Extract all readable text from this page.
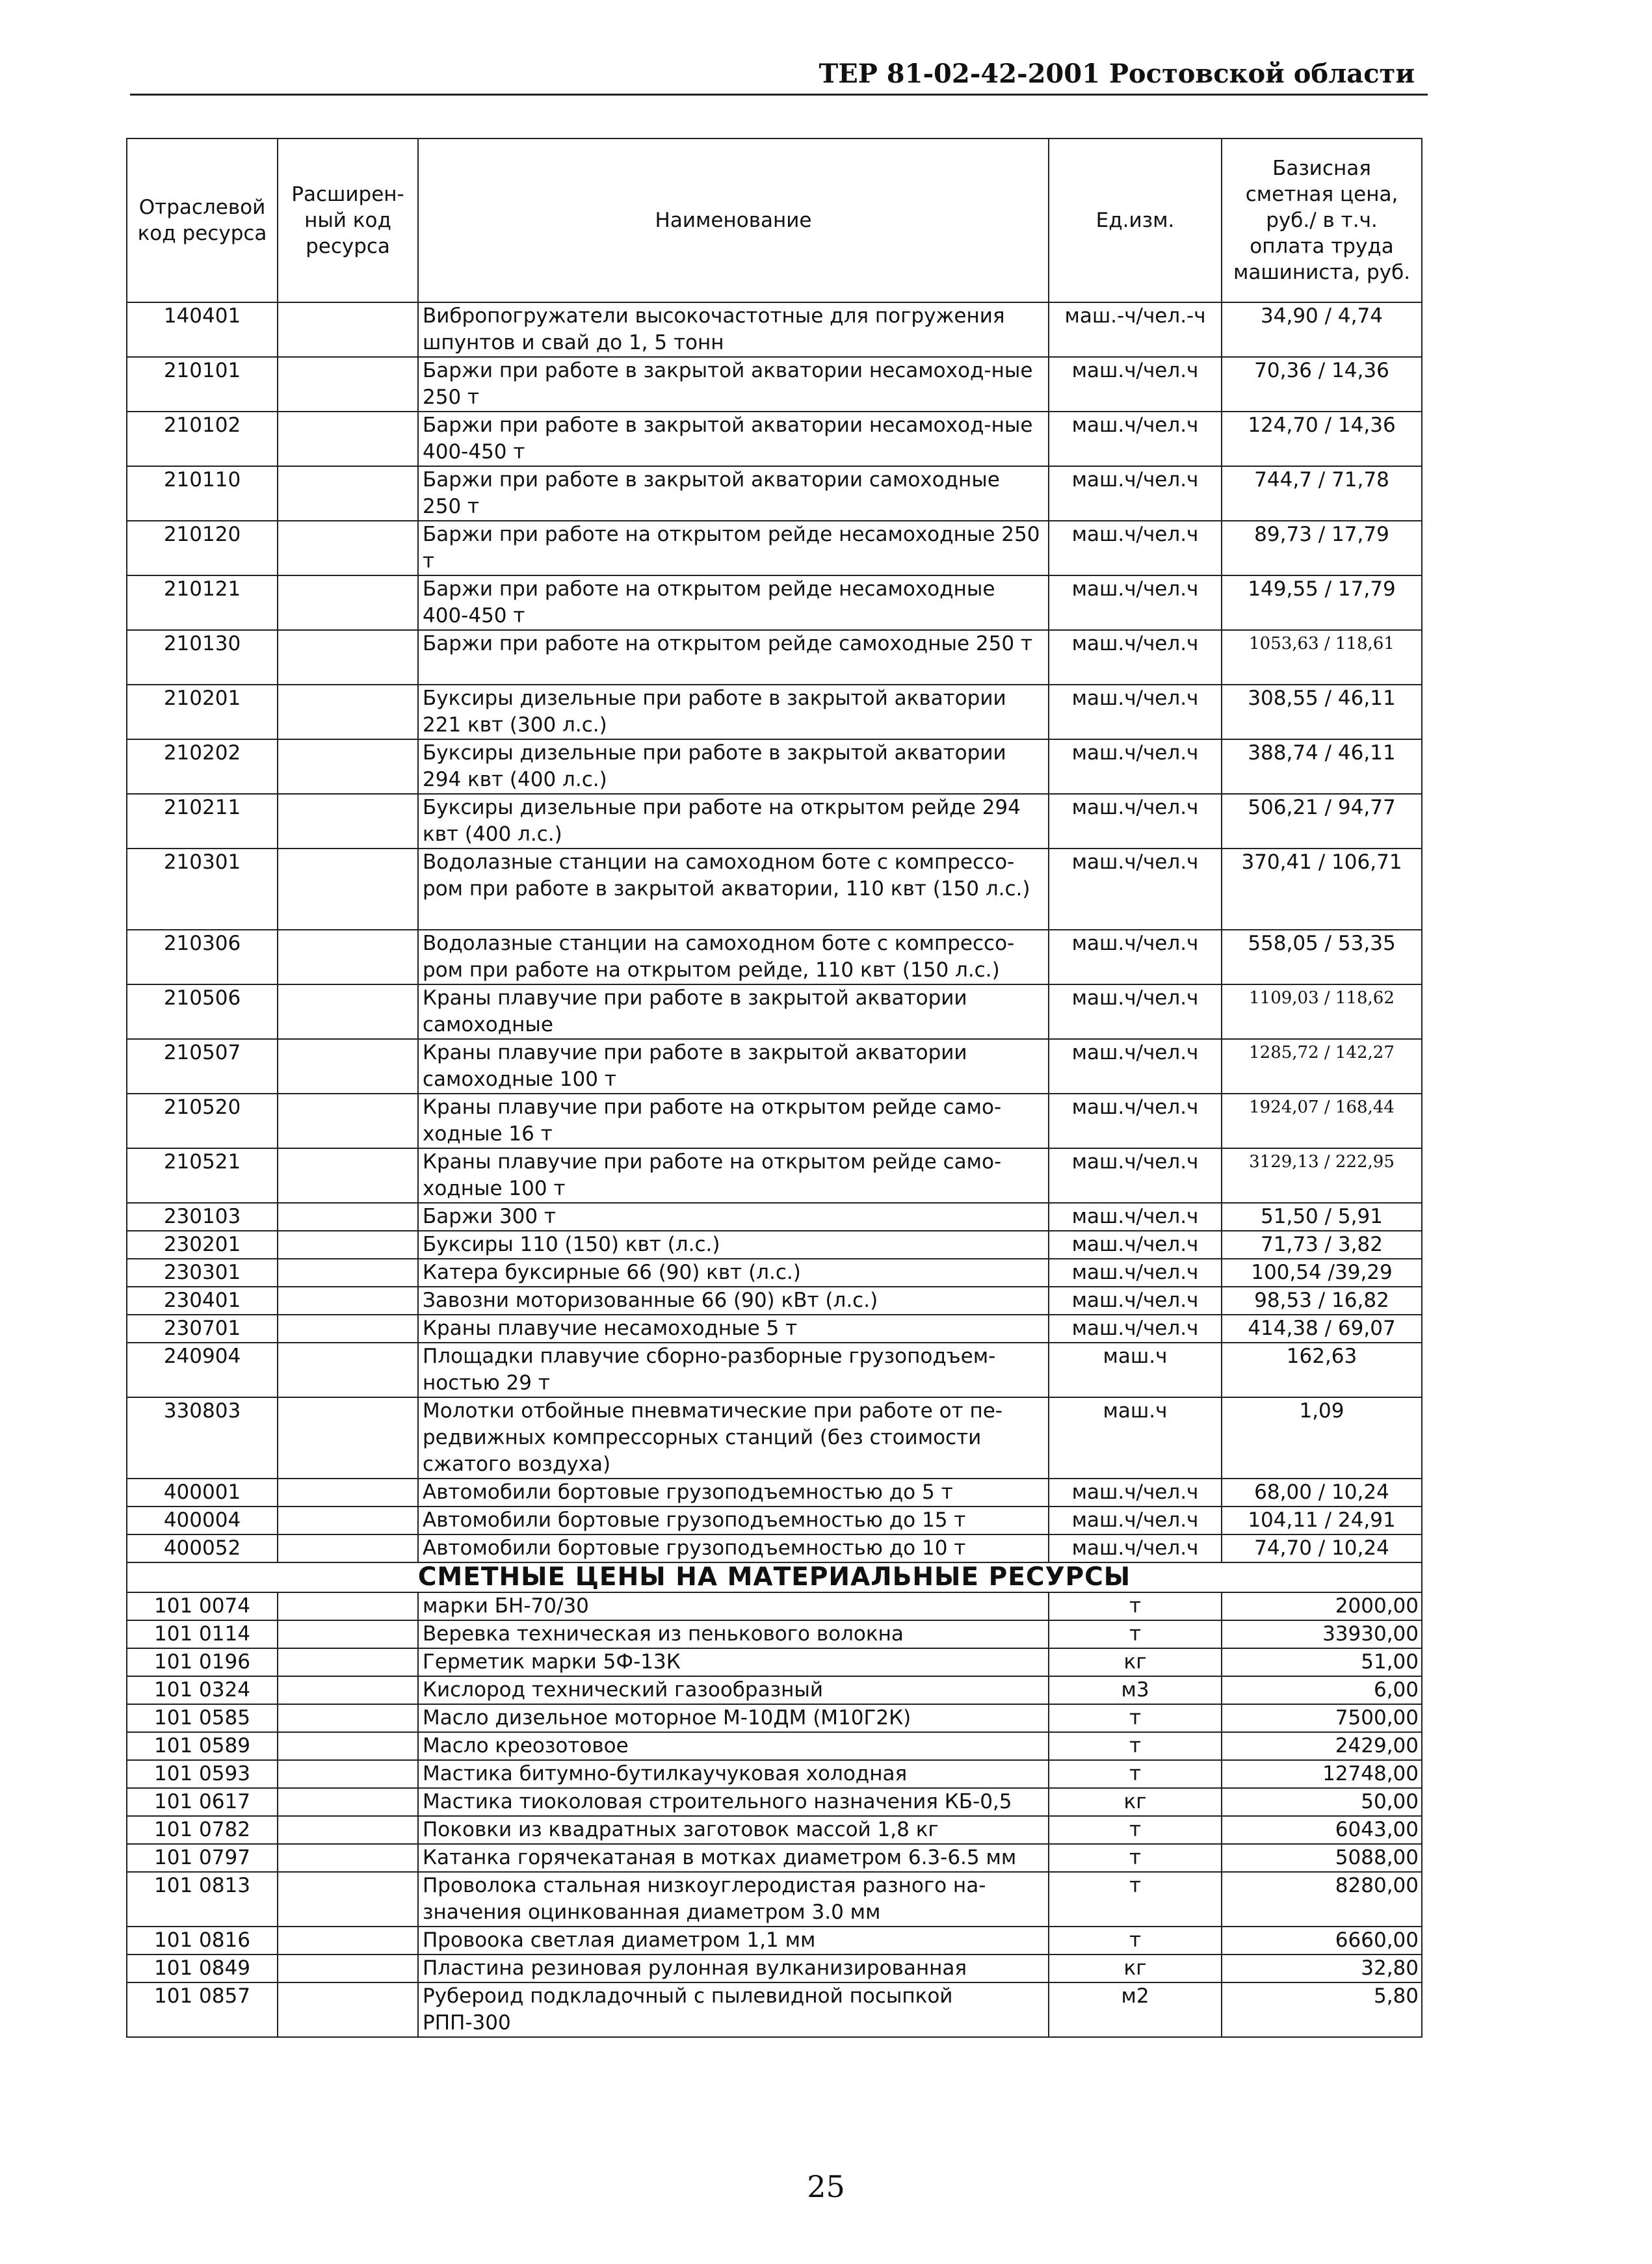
ТЕР 81-02-42-2001 Ростовской области
Отраслевой код ресурса	Расширен-ный код ресурса	Наименование	Ед.изм.	Базисная сметная цена, руб./ в т.ч. оплата труда машиниста, руб.
140401		Вибропогружатели высокочастотные для погружения шпунтов и свай до 1, 5 тонн	маш.-ч/чел.-ч	34,90 / 4,74
210101		Баржи при работе в закрытой акватории несамоход-ные 250 т	маш.ч/чел.ч	70,36 / 14,36
210102		Баржи при работе в закрытой акватории несамоход-ные 400-450 т	маш.ч/чел.ч	124,70 / 14,36
210110		Баржи при работе в закрытой акватории самоходные 250 т	маш.ч/чел.ч	744,7 / 71,78
210120		Баржи при работе на открытом рейде несамоходные 250 т	маш.ч/чел.ч	89,73 / 17,79
210121		Баржи при работе на открытом рейде несамоходные 400-450 т	маш.ч/чел.ч	149,55 / 17,79
210130		Баржи при работе на открытом рейде самоходные 250 т	маш.ч/чел.ч	1053,63 / 118,61
210201		Буксиры дизельные при работе в закрытой акватории 221 квт (300 л.с.)	маш.ч/чел.ч	308,55 / 46,11
210202		Буксиры дизельные при работе в закрытой акватории 294 квт (400 л.с.)	маш.ч/чел.ч	388,74 / 46,11
210211		Буксиры дизельные при работе на открытом рейде 294 квт (400 л.с.)	маш.ч/чел.ч	506,21 / 94,77
210301		Водолазные станции на самоходном боте с компрессо-ром при работе в закрытой акватории, 110 квт (150 л.с.)	маш.ч/чел.ч	370,41 / 106,71
210306		Водолазные станции на самоходном боте с компрессо-ром при работе на открытом рейде, 110 квт (150 л.с.)	маш.ч/чел.ч	558,05 / 53,35
210506		Краны плавучие при работе в закрытой акватории самоходные	маш.ч/чел.ч	1109,03 / 118,62
210507		Краны плавучие при работе в закрытой акватории самоходные 100 т	маш.ч/чел.ч	1285,72 / 142,27
210520		Краны плавучие при работе на открытом рейде само-ходные 16 т	маш.ч/чел.ч	1924,07 / 168,44
210521		Краны плавучие при работе на открытом рейде само-ходные 100 т	маш.ч/чел.ч	3129,13 / 222,95
230103		Баржи 300 т	маш.ч/чел.ч	51,50 / 5,91
230201		Буксиры 110 (150) квт (л.с.)	маш.ч/чел.ч	71,73 / 3,82
230301		Катера буксирные 66 (90) квт (л.с.)	маш.ч/чел.ч	100,54 /39,29
230401		Завозни моторизованные 66 (90) кВт (л.с.)	маш.ч/чел.ч	98,53 / 16,82
230701		Краны плавучие несамоходные 5 т	маш.ч/чел.ч	414,38 / 69,07
240904		Площадки плавучие сборно-разборные грузоподъем-ностью 29 т	маш.ч	162,63
330803		Молотки отбойные пневматические при работе от пе-редвижных компрессорных станций (без стоимости сжатого воздуха)	маш.ч	1,09
400001		Автомобили бортовые грузоподъемностью до 5 т	маш.ч/чел.ч	68,00 / 10,24
400004		Автомобили бортовые грузоподъемностью до 15 т	маш.ч/чел.ч	104,11 / 24,91
400052		Автомобили бортовые грузоподъемностью до 10 т	маш.ч/чел.ч	74,70 / 10,24
СМЕТНЫЕ ЦЕНЫ НА МАТЕРИАЛЬНЫЕ РЕСУРСЫ				
101 0074		марки БН-70/30	т	2000,00
101 0114		Веревка техническая из пенькового волокна	т	33930,00
101 0196		Герметик марки 5Ф-13К	кг	51,00
101 0324		Кислород технический газообразный	м3	6,00
101 0585		Масло дизельное моторное М-10ДМ (М10Г2К)	т	7500,00
101 0589		Масло креозотовое	т	2429,00
101 0593		Мастика битумно-бутилкаучуковая холодная	т	12748,00
101 0617		Мастика тиоколовая строительного назначения КБ-0,5	кг	50,00
101 0782		Поковки из квадратных заготовок массой 1,8 кг	т	6043,00
101 0797		Катанка горячекатаная в мотках диаметром 6.3-6.5 мм	т	5088,00
101 0813		Проволока стальная низкоуглеродистая разного на-значения оцинкованная диаметром 3.0 мм	т	8280,00
101 0816		Провоока светлая диаметром 1,1 мм	т	6660,00
101 0849		Пластина резиновая рулонная вулканизированная	кг	32,80
101 0857		Рубероид подкладочный с пылевидной посыпкой РПП-300	м2	5,80
25
